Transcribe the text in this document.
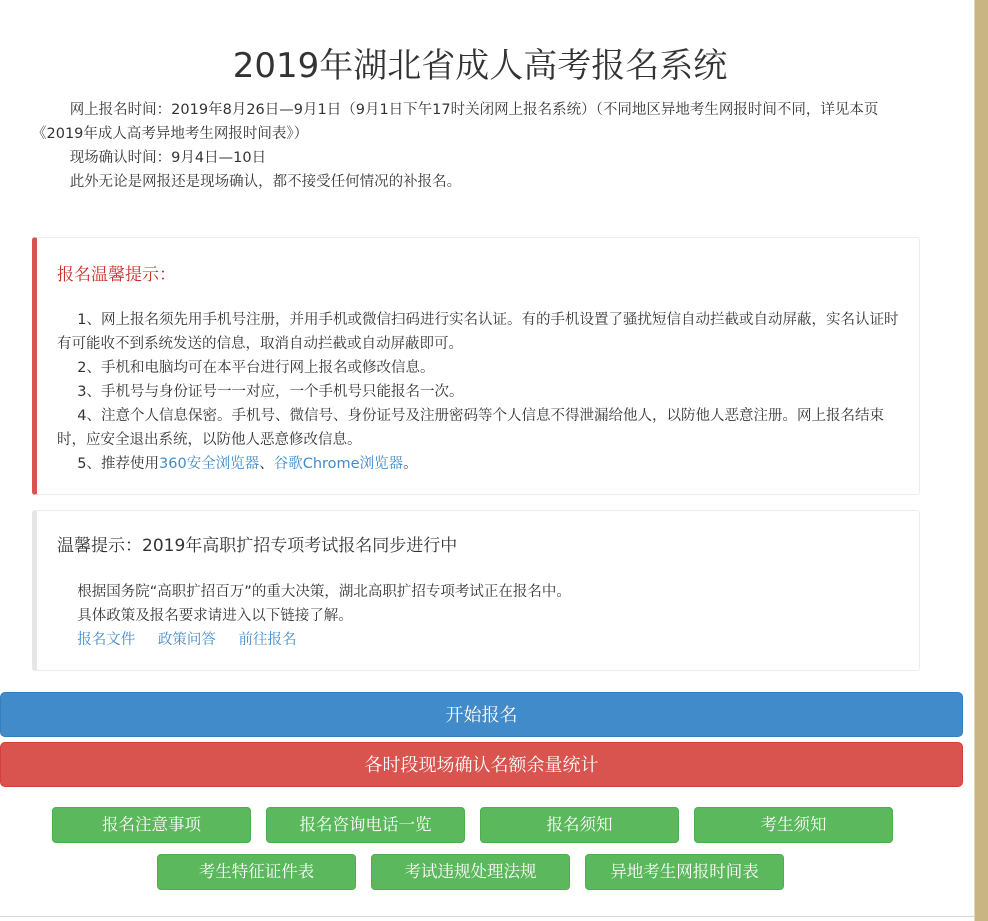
2019年湖北省成人高考报名系统

网上报名时间：2019年8月26日—9月1日（9月1日下午17时关闭网上报名系统）（不同地区异地考生网报时间不同，详见本页《2019年成人高考异地考生网报时间表》）

现场确认时间：9月4日—10日

此外无论是网报还是现场确认，都不接受任何情况的补报名。

报名温馨提示：

1、网上报名须先用手机号注册，并用手机或微信扫码进行实名认证。有的手机设置了骚扰短信自动拦截或自动屏蔽，实名认证时有可能收不到系统发送的信息，取消自动拦截或自动屏蔽即可。

2、手机和电脑均可在本平台进行网上报名或修改信息。

3、手机号与身份证号一一对应，一个手机号只能报名一次。

4、注意个人信息保密。手机号、微信号、身份证号及注册密码等个人信息不得泄漏给他人，以防他人恶意注册。网上报名结束时，应安全退出系统，以防他人恶意修改信息。

5、推荐使用360安全浏览器、谷歌Chrome浏览器。

温馨提示：2019年高职扩招专项考试报名同步进行中

根据国务院“高职扩招百万”的重大决策，湖北高职扩招专项考试正在报名中。

具体政策及报名要求请进入以下链接了解。

报名文件 政策问答 前往报名
开始报名
各时段现场确认名额余量统计
报名注意事项	报名咨询电话一览	报名须知	考生须知
考生特征证件表	考试违规处理法规	异地考生网报时间表
